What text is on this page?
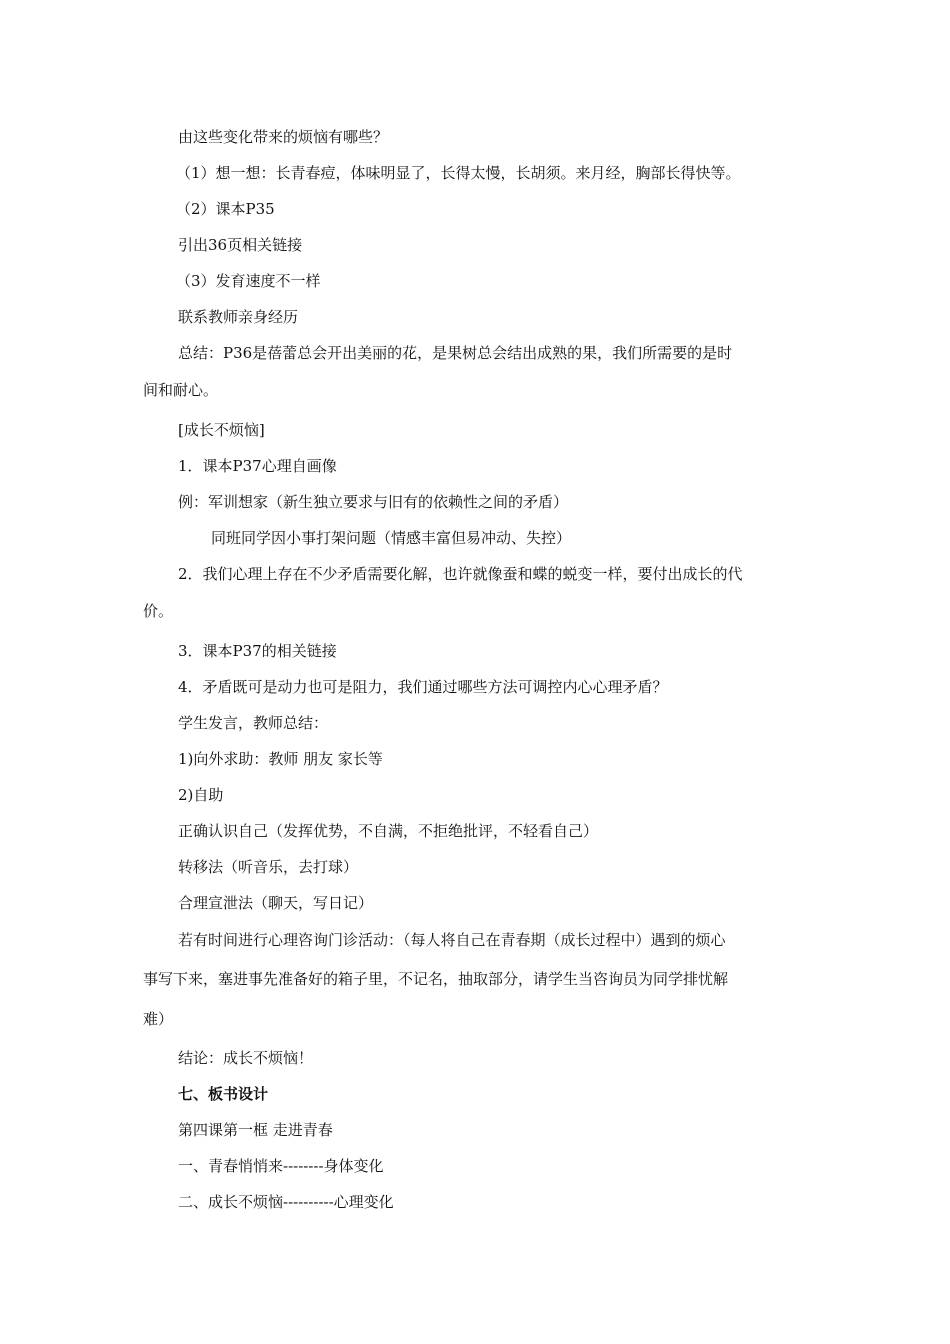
由这些变化带来的烦恼有哪些？
（1）想一想：长青春痘，体味明显了，长得太慢，长胡须。来月经，胸部长得快等。
（2）课本P35
引出36页相关链接
（3）发育速度不一样
联系教师亲身经历
总结：P36是蓓蕾总会开出美丽的花，是果树总会结出成熟的果，我们所需要的是时
间和耐心。
[成长不烦恼]
1．课本P37心理自画像
例：军训想家（新生独立要求与旧有的依赖性之间的矛盾）
同班同学因小事打架问题（情感丰富但易冲动、失控）
2．我们心理上存在不少矛盾需要化解，也许就像蚕和蝶的蜕变一样，要付出成长的代
价。
3．课本P37的相关链接
4．矛盾既可是动力也可是阻力，我们通过哪些方法可调控内心心理矛盾？
学生发言，教师总结：
1)向外求助：教师 朋友 家长等
2)自助
正确认识自己（发挥优势，不自满，不拒绝批评，不轻看自己）
转移法（听音乐，去打球）
合理宣泄法（聊天，写日记）
若有时间进行心理咨询门诊活动：（每人将自己在青春期（成长过程中）遇到的烦心
事写下来，塞进事先准备好的箱子里，不记名，抽取部分，请学生当咨询员为同学排忧解
难）
结论：成长不烦恼！
七、板书设计
第四课第一框 走进青春
一、青春悄悄来--------身体变化
二、成长不烦恼----------心理变化
